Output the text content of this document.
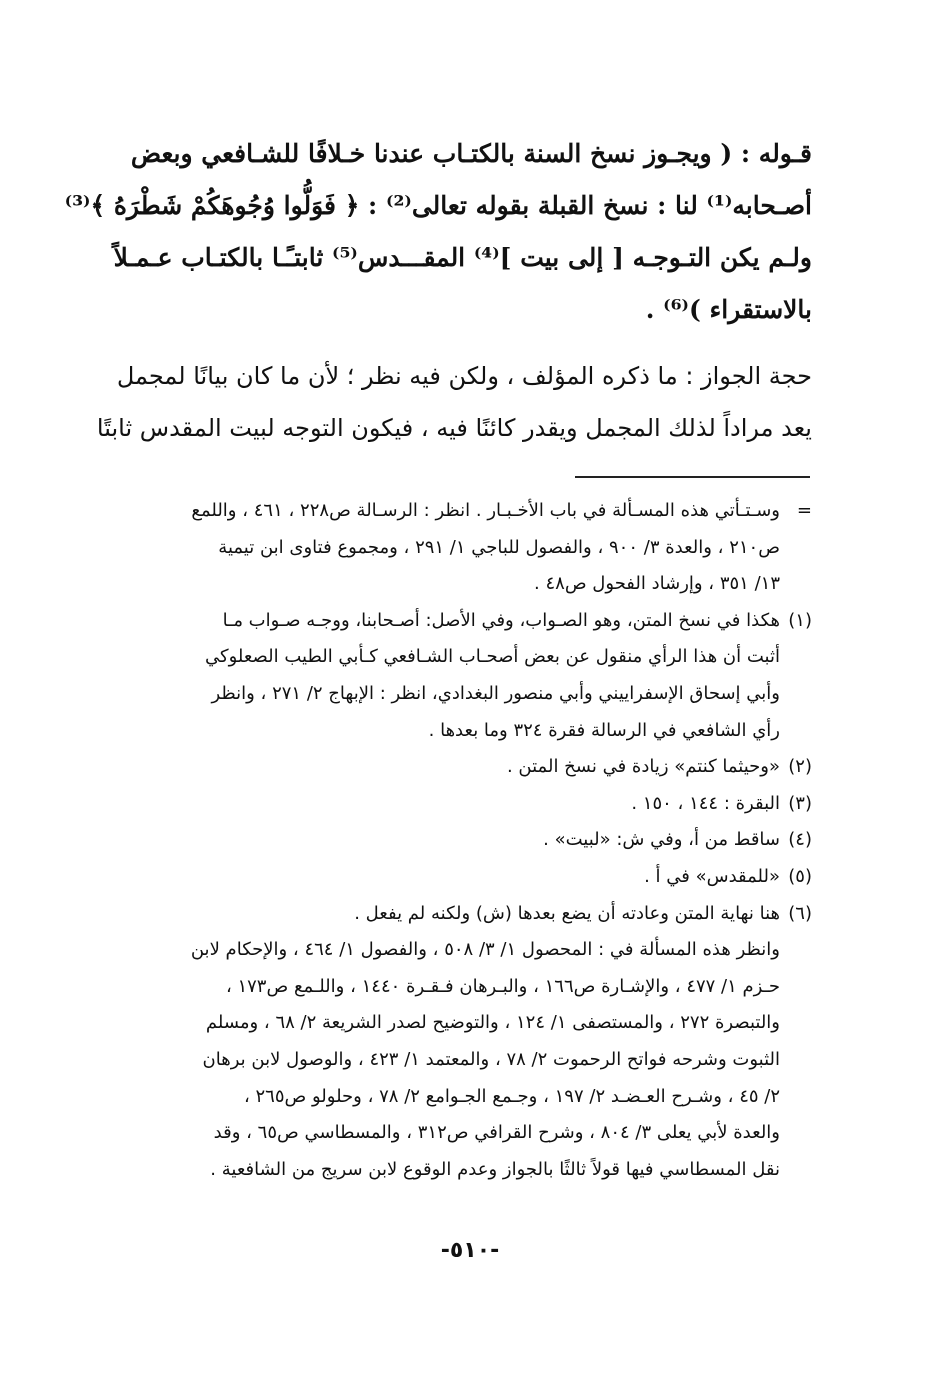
قـوله : ( ويجـوز نسخ السنة بالكتـاب عندنا خـلافًا للشـافعي وبعض
أصـحابه⁽¹⁾ لنا : نسخ القبلة بقوله تعالى⁽²⁾ : ﴿ فَوَلُّوا وُجُوهَكُمْ شَطْرَهُ ﴾⁽³⁾
ولـم يكن التـوجـه [ إلى بيت ]⁽⁴⁾ المقـــدس⁽⁵⁾ ثابتـًـا بالكتـاب عـمـلاً
بالاستقراء )⁽⁶⁾ .
حجة الجواز : ما ذكره المؤلف ، ولكن فيه نظر ؛ لأن ما كان بيانًا لمجمل
يعد مراداً لذلك المجمل ويقدر كائنًا فيه ، فيكون التوجه لبيت المقدس ثابتًا
=
وسـتـأتي هذه المسـألة في باب الأخـبـار . انظر : الرسـالة ص٢٢٨ ، ٤٦١ ، واللمع
ص٢١٠ ، والعدة ٣/ ٩٠٠ ، والفصول للباجي ١/ ٢٩١ ، ومجموع فتاوى ابن تيمية
١٣/ ٣٥١ ، وإرشاد الفحول ص٤٨ .
(١)
هكذا في نسخ المتن، وهو الصـواب، وفي الأصل: أصـحابنا، ووجـه صـواب مـا
أثبت أن هذا الرأي منقول عن بعض أصحـاب الشـافعي كـأبي الطيب الصعلوكي
وأبي إسحاق الإسفراييني وأبي منصور البغدادي، انظر : الإبهاج ٢/ ٢٧١ ، وانظر
رأي الشافعي في الرسالة فقرة ٣٢٤ وما بعدها .
(٢)
«وحيثما كنتم» زيادة في نسخ المتن .
(٣)
البقرة : ١٤٤ ، ١٥٠ .
(٤)
ساقط من أ، وفي ش: «لبيت» .
(٥)
«للمقدس» في أ .
(٦)
هنا نهاية المتن وعادته أن يضع بعدها (ش) ولكنه لم يفعل .
وانظر هذه المسألة في : المحصول ١/ ٣/ ٥٠٨ ، والفصول ١/ ٤٦٤ ، والإحكام لابن
حـزم ١/ ٤٧٧ ، والإشـارة ص١٦٦ ، والبـرهان فـقـرة ١٤٤٠ ، واللـمع ص١٧٣ ،
والتبصرة ٢٧٢ ، والمستصفى ١/ ١٢٤ ، والتوضيح لصدر الشريعة ٢/ ٦٨ ، ومسلم
الثبوت وشرحه فواتح الرحموت ٢/ ٧٨ ، والمعتمد ١/ ٤٢٣ ، والوصول لابن برهان
٢/ ٤٥ ، وشـرح العـضـد ٢/ ١٩٧ ، وجـمع الجـوامع ٢/ ٧٨ ، وحلولو ص٢٦٥ ،
والعدة لأبي يعلى ٣/ ٨٠٤ ، وشرح القرافي ص٣١٢ ، والمسطاسي ص٦٥ ، وقد
نقل المسطاسي فيها قولاً ثالثًا بالجواز وعدم الوقوع لابن سريج من الشافعية .
-٥١٠-
